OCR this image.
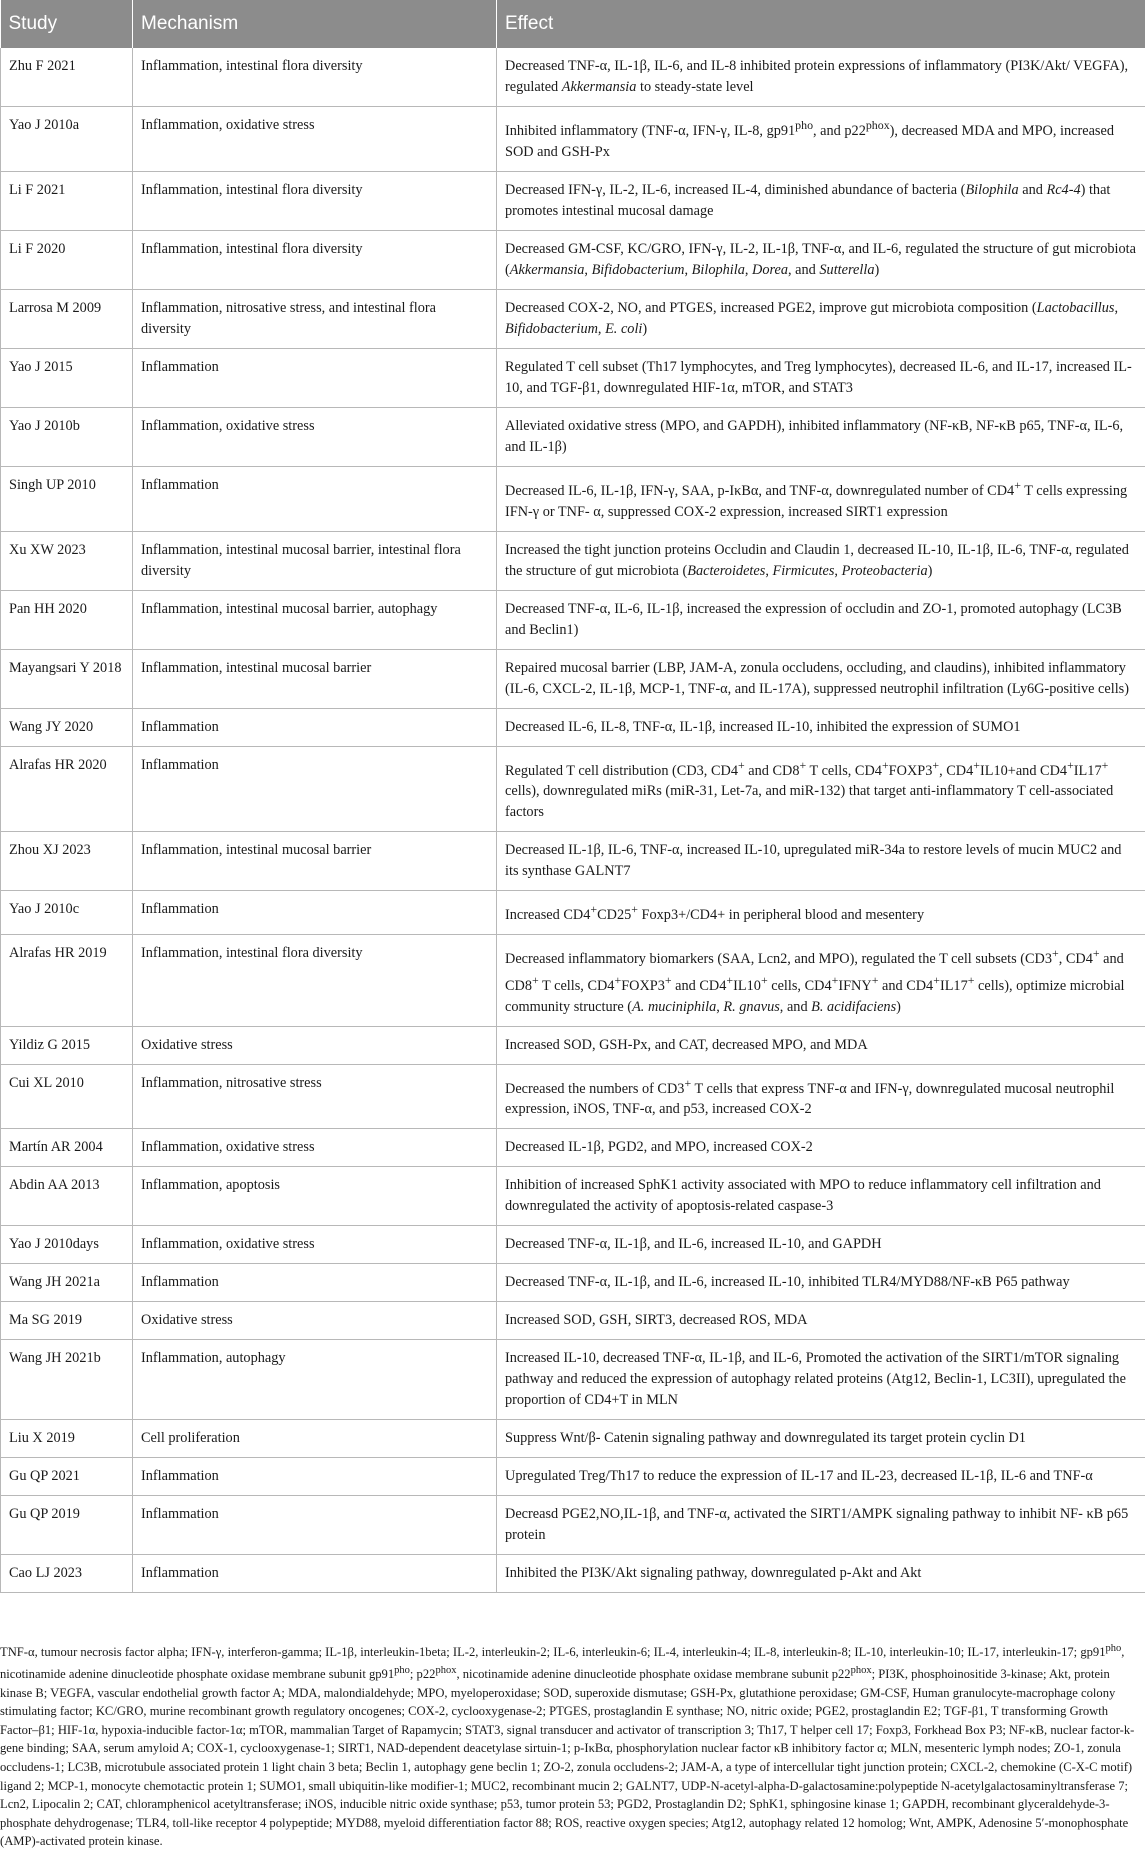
Study	Mechanism	Effect
Zhu F 2021	Inflammation, intestinal flora diversity	Decreased TNF-α, IL-1β, IL-6, and IL-8 inhibited protein expressions of inflammatory (PI3K/Akt/ VEGFA), regulated Akkermansia to steady-state level
Yao J 2010a	Inflammation, oxidative stress	Inhibited inflammatory (TNF-α, IFN-γ, IL-8, $gp91^{pho}$, and $p22^{phox}$), decreased MDA and MPO, increased SOD and GSH-Px
Li F 2021	Inflammation, intestinal flora diversity	Decreased IFN-γ, IL-2, IL-6, increased IL-4, diminished abundance of bacteria (Bilophila and Rc4-4) that promotes intestinal mucosal damage
Li F 2020	Inflammation, intestinal flora diversity	Decreased GM-CSF, KC/GRO, IFN-γ, IL-2, IL-1β, TNF-α, and IL-6, regulated the structure of gut microbiota (Akkermansia, Bifidobacterium, Bilophila, Dorea, and Sutterella)
Larrosa M 2009	Inflammation, nitrosative stress, and intestinal flora diversity	Decreased COX-2, NO, and PTGES, increased PGE2, improve gut microbiota composition (Lactobacillus, Bifidobacterium, E. coli)
Yao J 2015	Inflammation	Regulated T cell subset (Th17 lymphocytes, and Treg lymphocytes), decreased IL-6, and IL-17, increased IL-10, and TGF-β1, downregulated HIF-1α, mTOR, and STAT3
Yao J 2010b	Inflammation, oxidative stress	Alleviated oxidative stress (MPO, and GAPDH), inhibited inflammatory (NF-κB, NF-κB p65, TNF-α, IL-6, and IL-1β)
Singh UP 2010	Inflammation	Decreased IL-6, IL-1β, IFN-γ, SAA, p-IκBα, and TNF-α, downregulated number of CD4+ T cells expressing IFN-γ or TNF- α, suppressed COX-2 expression, increased SIRT1 expression
Xu XW 2023	Inflammation, intestinal mucosal barrier, intestinal flora diversity	Increased the tight junction proteins Occludin and Claudin 1, decreased IL-10, IL-1β, IL-6, TNF-α, regulated the structure of gut microbiota (Bacteroidetes, Firmicutes, Proteobacteria)
Pan HH 2020	Inflammation, intestinal mucosal barrier, autophagy	Decreased TNF-α, IL-6, IL-1β, increased the expression of occludin and ZO-1, promoted autophagy (LC3B and Beclin1)
Mayangsari Y 2018	Inflammation, intestinal mucosal barrier	Repaired mucosal barrier (LBP, JAM-A, zonula occludens, occluding, and claudins), inhibited inflammatory (IL-6, CXCL-2, IL-1β, MCP-1, TNF-α, and IL-17A), suppressed neutrophil infiltration (Ly6G-positive cells)
Wang JY 2020	Inflammation	Decreased IL-6, IL-8, TNF-α, IL-1β, increased IL-10, inhibited the expression of SUMO1
Alrafas HR 2020	Inflammation	Regulated T cell distribution (CD3, CD4+ and CD8+ T cells, CD4+FOXP3+, CD4+IL10+and CD4+IL17+ cells), downregulated miRs (miR-31, Let-7a, and miR-132) that target anti-inflammatory T cell-associated factors
Zhou XJ 2023	Inflammation, intestinal mucosal barrier	Decreased IL-1β, IL-6, TNF-α, increased IL-10, upregulated miR-34a to restore levels of mucin MUC2 and its synthase GALNT7
Yao J 2010c	Inflammation	Increased CD4+CD25+ Foxp3+/CD4+ in peripheral blood and mesentery
Alrafas HR 2019	Inflammation, intestinal flora diversity	Decreased inflammatory biomarkers (SAA, Lcn2, and MPO), regulated the T cell subsets (CD3+, CD4+ and CD8+ T cells, CD4+FOXP3+ and CD4+IL10+ cells, CD4+IFNY+ and CD4+IL17+ cells), optimize microbial community structure (A. muciniphila, R. gnavus, and B. acidifaciens)
Yildiz G 2015	Oxidative stress	Increased SOD, GSH-Px, and CAT, decreased MPO, and MDA
Cui XL 2010	Inflammation, nitrosative stress	Decreased the numbers of CD3+ T cells that express TNF-α and IFN-γ, downregulated mucosal neutrophil expression, iNOS, TNF-α, and p53, increased COX-2
Martín AR 2004	Inflammation, oxidative stress	Decreased IL-1β, PGD2, and MPO, increased COX-2
Abdin AA 2013	Inflammation, apoptosis	Inhibition of increased SphK1 activity associated with MPO to reduce inflammatory cell infiltration and downregulated the activity of apoptosis-related caspase-3
Yao J 2010days	Inflammation, oxidative stress	Decreased TNF-α, IL-1β, and IL-6, increased IL-10, and GAPDH
Wang JH 2021a	Inflammation	Decreased TNF-α, IL-1β, and IL-6, increased IL-10, inhibited TLR4/MYD88/NF-κB P65 pathway
Ma SG 2019	Oxidative stress	Increased SOD, GSH, SIRT3, decreased ROS, MDA
Wang JH 2021b	Inflammation, autophagy	Increased IL-10, decreased TNF-α, IL-1β, and IL-6, Promoted the activation of the SIRT1/mTOR signaling pathway and reduced the expression of autophagy related proteins (Atg12, Beclin-1, LC3II), upregulated the proportion of CD4+T in MLN
Liu X 2019	Cell proliferation	Suppress Wnt/β- Catenin signaling pathway and downregulated its target protein cyclin D1
Gu QP 2021	Inflammation	Upregulated Treg/Th17 to reduce the expression of IL-17 and IL-23, decreased IL-1β, IL-6 and TNF-α
Gu QP 2019	Inflammation	Decreasd PGE2,NO,IL-1β, and TNF-α, activated the SIRT1/AMPK signaling pathway to inhibit NF- κB p65 protein
Cao LJ 2023	Inflammation	Inhibited the PI3K/Akt signaling pathway, downregulated p-Akt and Akt
TNF-α, tumour necrosis factor alpha; IFN-γ, interferon-gamma; IL-1β, interleukin-1beta; IL-2, interleukin-2; IL-6, interleukin-6; IL-4, interleukin-4; IL-8, interleukin-8; IL-10, interleukin-10; IL-17, interleukin-17; $gp91^{pho}$, nicotinamide adenine dinucleotide phosphate oxidase membrane subunit $gp91^{pho}$; $p22^{phox}$, nicotinamide adenine dinucleotide phosphate oxidase membrane subunit $p22^{phox}$; PI3K, phosphoinositide 3-kinase; Akt, protein kinase B; VEGFA, vascular endothelial growth factor A; MDA, malondialdehyde; MPO, myeloperoxidase; SOD, superoxide dismutase; GSH-Px, glutathione peroxidase; GM-CSF, Human granulocyte-macrophage colony stimulating factor; KC/GRO, murine recombinant growth regulatory oncogenes; COX-2, cyclooxygenase-2; PTGES, prostaglandin E synthase; NO, nitric oxide; PGE2, prostaglandin E2; TGF-β1, T transforming Growth Factor–β1; HIF-1α, hypoxia-inducible factor-1α; mTOR, mammalian Target of Rapamycin; STAT3, signal transducer and activator of transcription 3; Th17, T helper cell 17; Foxp3, Forkhead Box P3; NF-κB, nuclear factor-k-gene binding; SAA, serum amyloid A; COX-1, cyclooxygenase-1; SIRT1, NAD-dependent deacetylase sirtuin-1; p-IκBα, phosphorylation nuclear factor κB inhibitory factor α; MLN, mesenteric lymph nodes; ZO-1, zonula occludens-1; LC3B, microtubule associated protein 1 light chain 3 beta; Beclin 1, autophagy gene beclin 1; ZO-2, zonula occludens-2; JAM-A, a type of intercellular tight junction protein; CXCL-2, chemokine (C-X-C motif) ligand 2; MCP-1, monocyte chemotactic protein 1; SUMO1, small ubiquitin-like modifier-1; MUC2, recombinant mucin 2; GALNT7, UDP-N-acetyl-alpha-D-galactosamine:polypeptide N-acetylgalactosaminyltransferase 7; Lcn2, Lipocalin 2; CAT, chloramphenicol acetyltransferase; iNOS, inducible nitric oxide synthase; p53, tumor protein 53; PGD2, Prostaglandin D2; SphK1, sphingosine kinase 1; GAPDH, recombinant glyceraldehyde-3-phosphate dehydrogenase; TLR4, toll-like receptor 4 polypeptide; MYD88, myeloid differentiation factor 88; ROS, reactive oxygen species; Atg12, autophagy related 12 homolog; Wnt, AMPK, Adenosine 5′-monophosphate (AMP)-activated protein kinase.
